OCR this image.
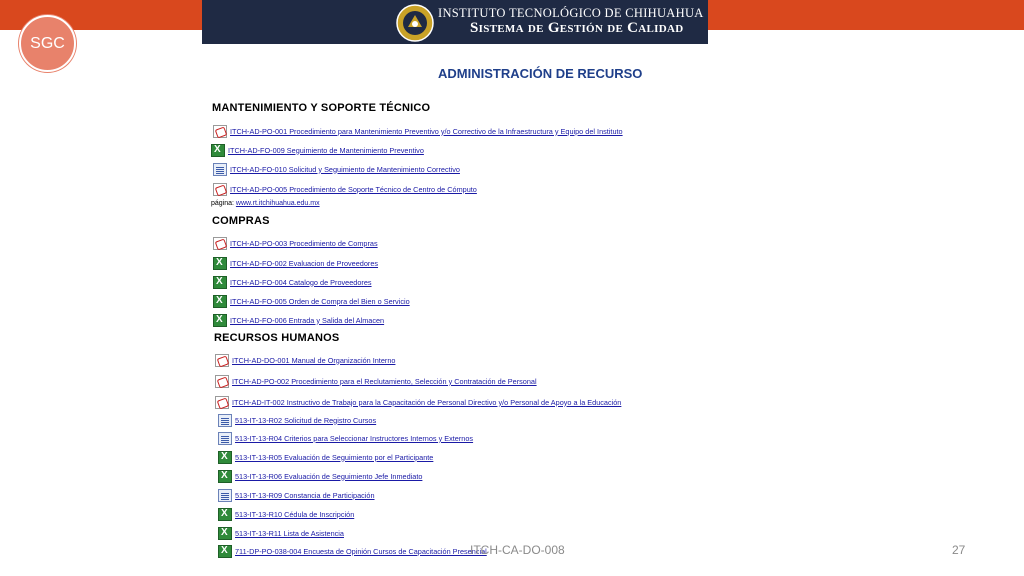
SGC
INSTITUTO TECNOLÓGICO DE CHIHUAHUA
Sistema de Gestión de Calidad
ADMINISTRACIÓN DE RECURSO
MANTENIMIENTO Y SOPORTE TÉCNICO
ITCH-AD-PO-001 Procedimiento para Mantenimiento Preventivo y/o Correctivo de la Infraestructura y Equipo del Instituto
X
ITCH-AD-FO-009 Seguimiento de Mantenimiento Preventivo
ITCH-AD-FO-010 Solicitud y Seguimiento de Mantenimiento Correctivo
ITCH-AD-PO-005 Procedimiento de Soporte Técnico de Centro de Cómputo
página: www.rt.itchihuahua.edu.mx
COMPRAS
ITCH-AD-PO-003 Procedimiento de Compras
X
ITCH-AD-FO-002 Evaluacion de Proveedores
X
ITCH-AD-FO-004 Catalogo de Proveedores
X
ITCH-AD-FO-005 Orden de Compra del Bien o Servicio
X
ITCH-AD-FO-006 Entrada y Salida del Almacen
RECURSOS HUMANOS
ITCH-AD-DO-001 Manual de Organización Interno
ITCH-AD-PO-002 Procedimiento para el Reclutamiento, Selección y Contratación de Personal
ITCH-AD-IT-002 Instructivo de Trabajo para la Capacitación de Personal Directivo y/o Personal de Apoyo a la Educación
513-IT-13-R02 Solicitud de Registro Cursos
513-IT-13-R04 Criterios para Seleccionar Instructores Internos y Externos
X
513-IT-13-R05 Evaluación de Seguimiento por el Participante
X
513-IT-13-R06 Evaluación de Seguimiento Jefe Inmediato
513-IT-13-R09 Constancia de Participación
X
513-IT-13-R10 Cédula de Inscripción
X
513-IT-13-R11 Lista de Asistencia
X
711-DP-PO-038-004 Encuesta de Opinión Cursos de Capacitación Presencial
ITCH-CA-DO-008	27
